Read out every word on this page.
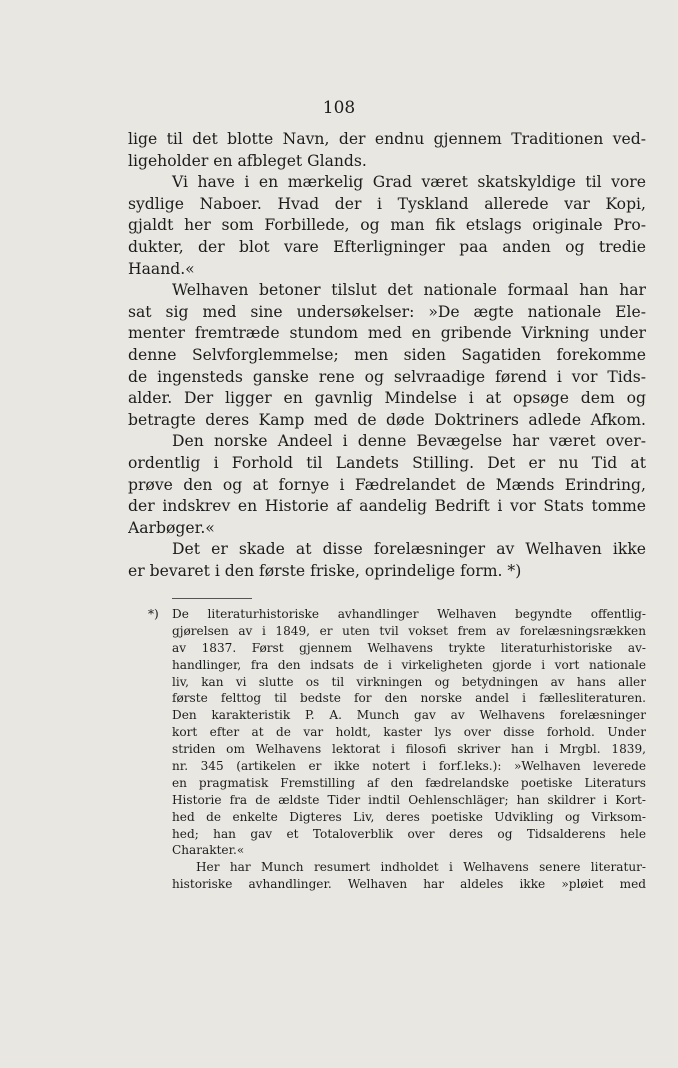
108
lige til det blotte Navn, der endnu gjennem Traditionen ved‑
ligeholder en afbleget Glands.
Vi have i en mærkelig Grad været skatskyldige til vore
sydlige Naboer. Hvad der i Tyskland allerede var Kopi,
gjaldt her som Forbillede, og man fik etslags originale Pro‑
dukter, der blot vare Efterligninger paa anden og tredie
Haand.«
Welhaven betoner tilslut det nationale formaal han har
sat sig med sine undersøkelser: »De ægte nationale Ele‑
menter fremtræde stundom med en gribende Virkning under
denne Selvforglemmelse; men siden Sagatiden forekomme
de ingensteds ganske rene og selvraadige førend i vor Tids‑
alder. Der ligger en gavnlig Mindelse i at opsøge dem og
betragte deres Kamp med de døde Doktriners adlede Afkom.
Den norske Andeel i denne Bevægelse har været over‑
ordentlig i Forhold til Landets Stilling. Det er nu Tid at
prøve den og at fornye i Fædrelandet de Mænds Erindring,
der indskrev en Historie af aandelig Bedrift i vor Stats tomme
Aarbøger.«
Det er skade at disse forelæsninger av Welhaven ikke
er bevaret i den første friske, oprindelige form. *)
*) De literaturhistoriske avhandlinger Welhaven begyndte offentlig‑
gjørelsen av i 1849, er uten tvil vokset frem av forelæsningsrækken
av 1837. Først gjennem Welhavens trykte literaturhistoriske av‑
handlinger, fra den indsats de i virkeligheten gjorde i vort nationale
liv, kan vi slutte os til virkningen og betydningen av hans aller
første felttog til bedste for den norske andel i fællesliteraturen.
Den karakteristik P. A. Munch gav av Welhavens forelæsninger
kort efter at de var holdt, kaster lys over disse forhold. Under
striden om Welhavens lektorat i filosofi skriver han i Mrgbl. 1839,
nr. 345 (artikelen er ikke notert i forf.leks.): »Welhaven leverede
en pragmatisk Fremstilling af den fædrelandske poetiske Literaturs
Historie fra de ældste Tider indtil Oehlenschläger; han skildrer i Kort‑
hed de enkelte Digteres Liv, deres poetiske Udvikling og Virksom‑
hed; han gav et Totaloverblik over deres og Tidsalderens hele
Charakter.«
Her har Munch resumert indholdet i Welhavens senere literatur‑
historiske avhandlinger. Welhaven har aldeles ikke »pløiet med
